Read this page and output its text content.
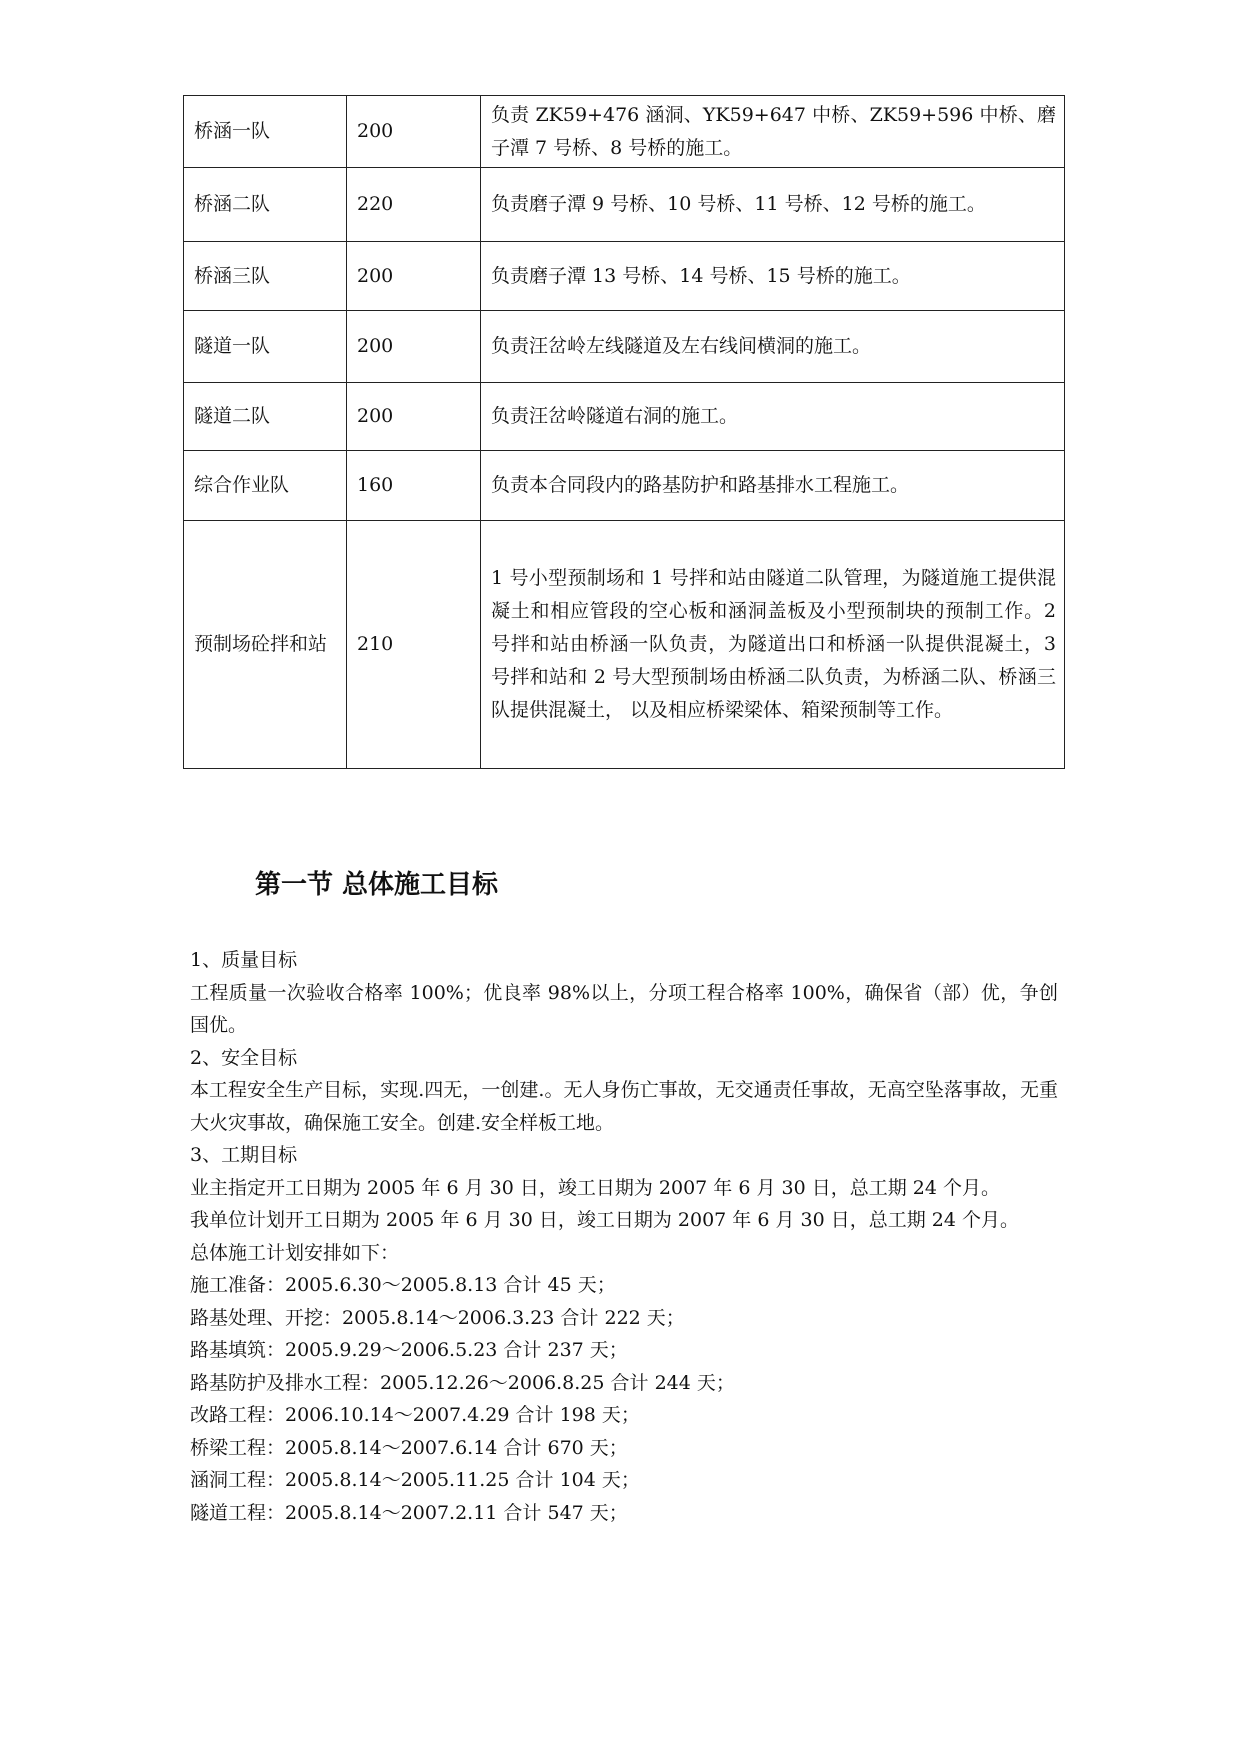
桥涵一队	200	负责 ZK59+476 涵洞、YK59+647 中桥、ZK59+596 中桥、磨子潭 7 号桥、8 号桥的施工。
桥涵二队	220	负责磨子潭 9 号桥、10 号桥、11 号桥、12 号桥的施工。
桥涵三队	200	负责磨子潭 13 号桥、14 号桥、15 号桥的施工。
隧道一队	200	负责汪岔岭左线隧道及左右线间横洞的施工。
隧道二队	200	负责汪岔岭隧道右洞的施工。
综合作业队	160	负责本合同段内的路基防护和路基排水工程施工。
预制场砼拌和站	210	1 号小型预制场和 1 号拌和站由隧道二队管理，为隧道施工提供混凝土和相应管段的空心板和涵洞盖板及小型预制块的预制工作。2 号拌和站由桥涵一队负责，为隧道出口和桥涵一队提供混凝土，3 号拌和站和 2 号大型预制场由桥涵二队负责，为桥涵二队、桥涵三队提供混凝土， 以及相应桥梁梁体、箱梁预制等工作。
第一节 总体施工目标

1、质量目标

工程质量一次验收合格率 100%；优良率 98%以上，分项工程合格率 100%，确保省（部）优，争创国优。

2、安全目标

本工程安全生产目标，实现.四无，一创建.。无人身伤亡事故，无交通责任事故，无高空坠落事故，无重大火灾事故，确保施工安全。创建.安全样板工地。

3、工期目标

业主指定开工日期为 2005 年 6 月 30 日，竣工日期为 2007 年 6 月 30 日，总工期 24 个月。

我单位计划开工日期为 2005 年 6 月 30 日，竣工日期为 2007 年 6 月 30 日，总工期 24 个月。

总体施工计划安排如下：

施工准备：2005.6.30～2005.8.13 合计 45 天；

路基处理、开挖：2005.8.14～2006.3.23 合计 222 天；

路基填筑：2005.9.29～2006.5.23 合计 237 天；

路基防护及排水工程：2005.12.26～2006.8.25 合计 244 天；

改路工程：2006.10.14～2007.4.29 合计 198 天；

桥梁工程：2005.8.14～2007.6.14 合计 670 天；

涵洞工程：2005.8.14～2005.11.25 合计 104 天；

隧道工程：2005.8.14～2007.2.11 合计 547 天；
